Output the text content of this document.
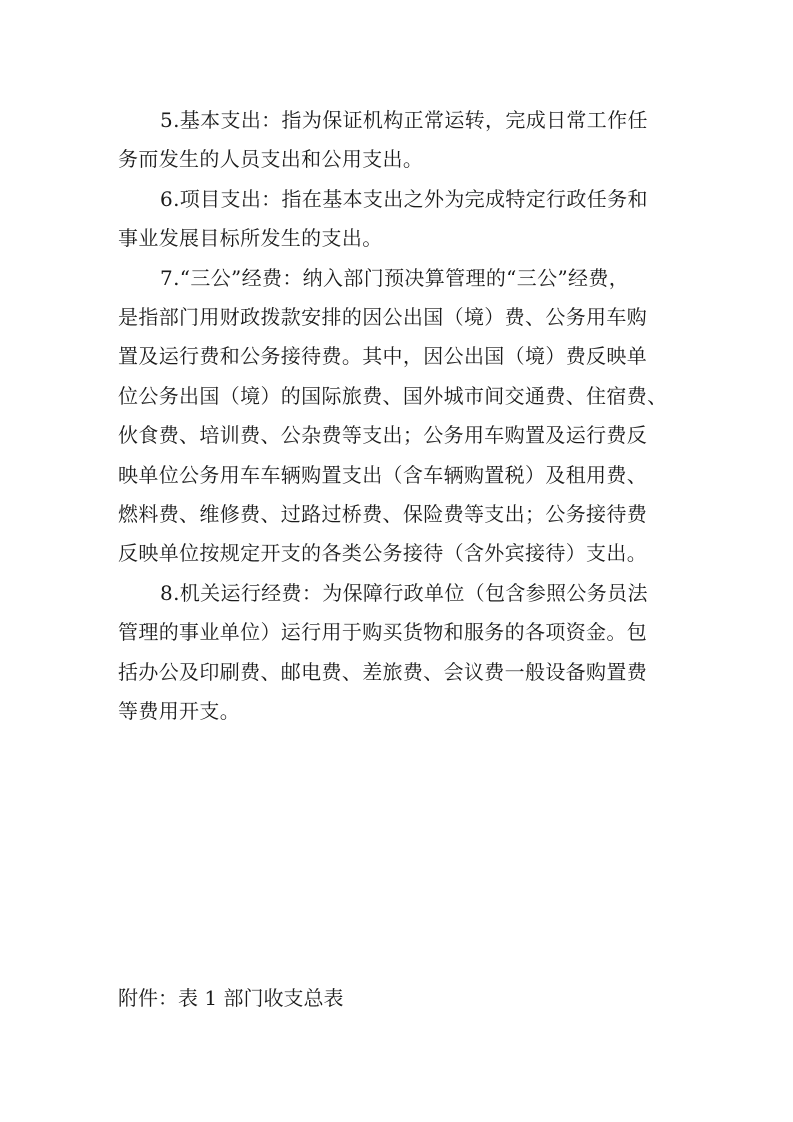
5.基本支出：指为保证机构正常运转，完成日常工作任
务而发生的人员支出和公用支出。
6.项目支出：指在基本支出之外为完成特定行政任务和
事业发展目标所发生的支出。
7.“三公”经费：纳入部门预决算管理的“三公”经费，
是指部门用财政拨款安排的因公出国（境）费、公务用车购
置及运行费和公务接待费。其中，因公出国（境）费反映单
位公务出国（境）的国际旅费、国外城市间交通费、住宿费、
伙食费、培训费、公杂费等支出；公务用车购置及运行费反
映单位公务用车车辆购置支出（含车辆购置税）及租用费、
燃料费、维修费、过路过桥费、保险费等支出；公务接待费
反映单位按规定开支的各类公务接待（含外宾接待）支出。
8.机关运行经费：为保障行政单位（包含参照公务员法
管理的事业单位）运行用于购买货物和服务的各项资金。包
括办公及印刷费、邮电费、差旅费、会议费一般设备购置费
等费用开支。
附件：表 1 部门收支总表
